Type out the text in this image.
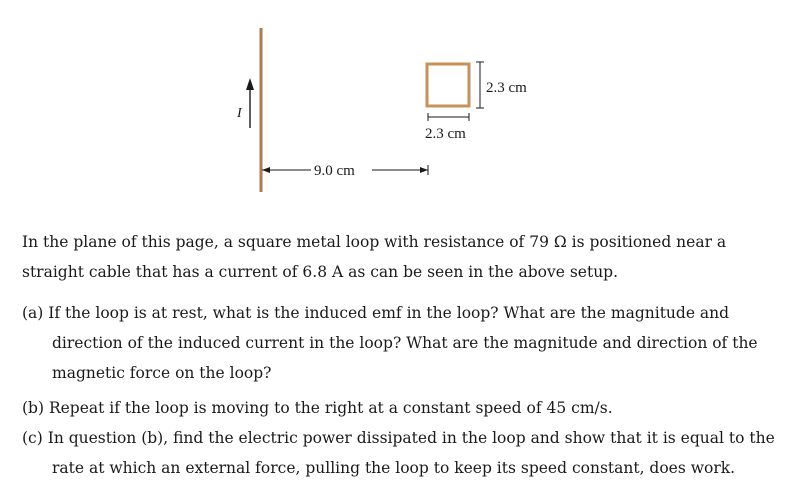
I
2.3 cm
2.3 cm
9.0 cm
In the plane of this page, a square metal loop with resistance of 79 Ω is positioned near a straight cable that has a current of 6.8 A as can be seen in the above setup.
(a) If the loop is at rest, what is the induced emf in the loop? What are the magnitude and direction of the induced current in the loop? What are the magnitude and direction of the magnetic force on the loop?
(b) Repeat if the loop is moving to the right at a constant speed of 45 cm/s.
(c) In question (b), find the electric power dissipated in the loop and show that it is equal to the rate at which an external force, pulling the loop to keep its speed constant, does work.
